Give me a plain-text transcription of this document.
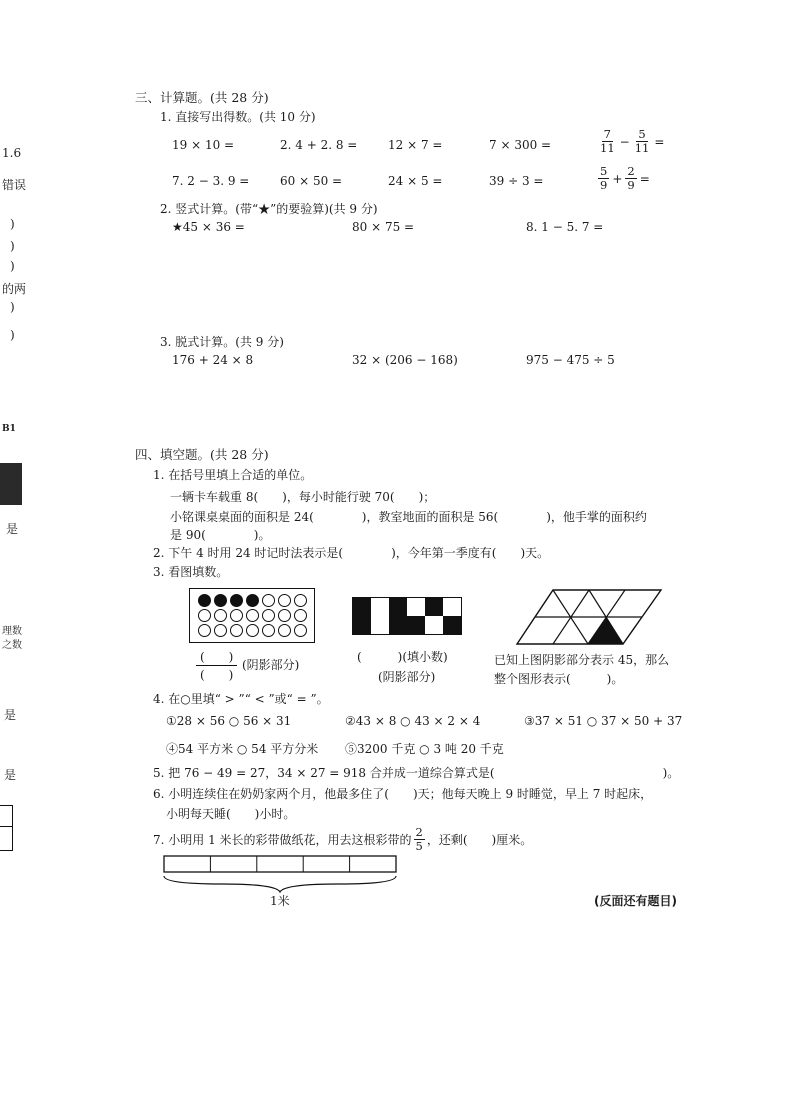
1.6
错误
)
)
)
的两
)
)
B1
是
理数
之数
是
是
三、计算题。(共 28 分)
1. 直接写出得数。(共 10 分)
19 × 10 =	2. 4 + 2. 8 =	12 × 7 =	7 × 300 =	$\frac{7}{11} - \frac{5}{11}$ =
7. 2 − 3. 9 =	60 × 50 =	24 × 5 =	39 ÷ 3 =	$\frac{5}{9} + \frac{2}{9}$ =
2. 竖式计算。(带“★”的要验算)(共 9 分)
★45 × 36 =	80 × 75 =	8. 1 − 5. 7 =
3. 脱式计算。(共 9 分)
176 + 24 × 8	32 × (206 − 168)	975 − 475 ÷ 5
四、填空题。(共 28 分)
1. 在括号里填上合适的单位。
一辆卡车载重 8(　　)，每小时能行驶 70(　　)；
小铭课桌桌面的面积是 24(　　　　)，教室地面的面积是 56(　　　　)，他手掌的面积约
是 90(　　　　)。
2. 下午 4 时用 24 时记时法表示是(　　　　)，今年第一季度有(　　)天。
3. 看图填数。
(　　)
(　　)
(阴影部分)
(　　　)(填小数)
(阴影部分)
已知上图阴影部分表示 45，那么
整个图形表示(　　　)。
4. 在○里填“ > ”“ < ”或“ = ”。
①28 × 56 ○ 56 × 31	②43 × 8 ○ 43 × 2 × 4	③37 × 51 ○ 37 × 50 + 37
④54 平方米 ○ 54 平方分米 ⑤3200 千克 ○ 3 吨 20 千克
5. 把 76 − 49 = 27，34 × 27 = 918 合并成一道综合算式是(　　　　　　　　　　　　　　)。
6. 小明连续住在奶奶家两个月，他最多住了(　　)天；他每天晚上 9 时睡觉，早上 7 时起床，
小明每天睡(　　)小时。
7. 小明用 1 米长的彩带做纸花，用去这根彩带的 $\frac{2}{5}$ ，还剩(　　)厘米。
1米	(反面还有题目)
